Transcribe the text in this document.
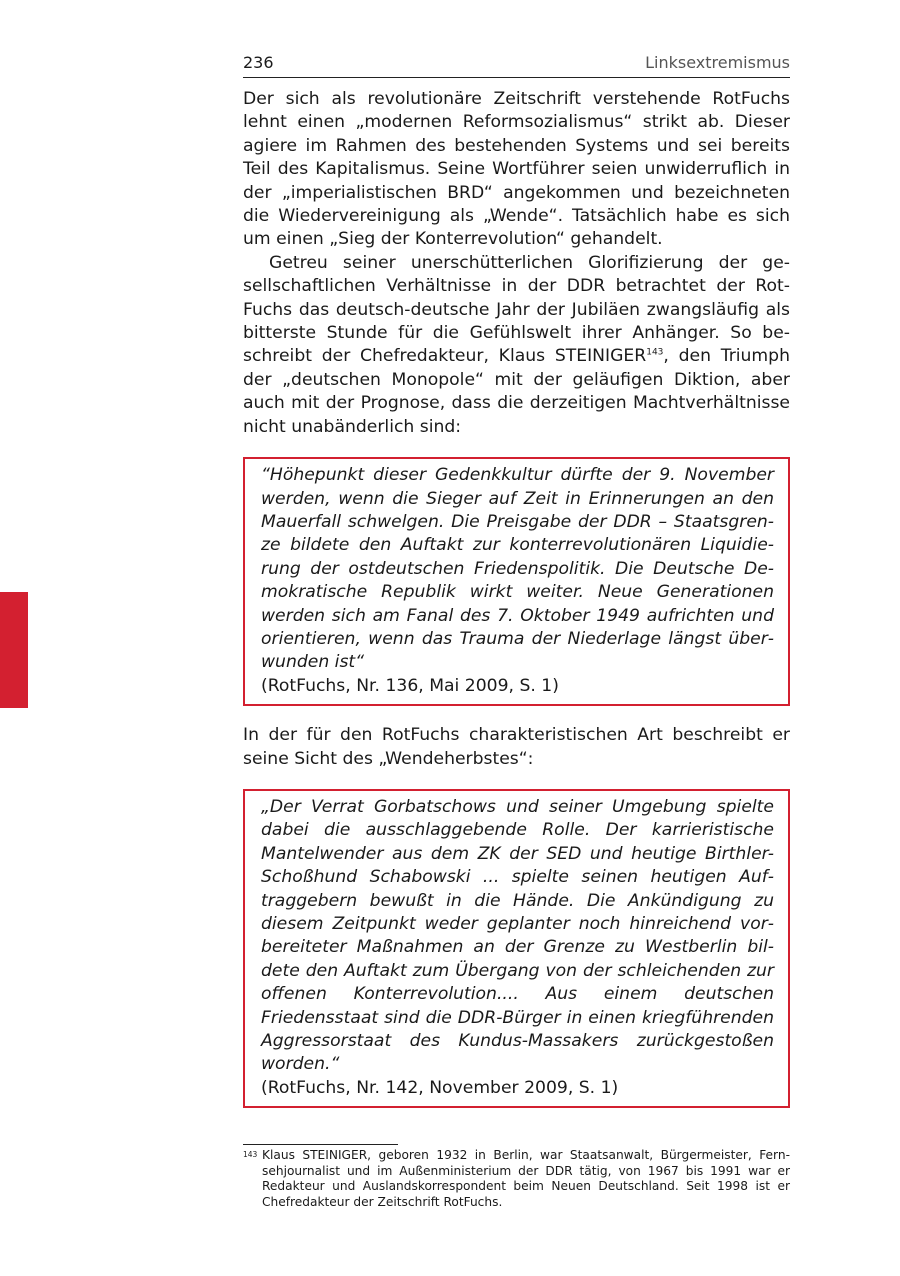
236	Linksextremismus

Der sich als revolutionäre Zeitschrift verstehende RotFuchs lehnt einen „modernen Reformsozialismus“ strikt ab. Dieser agiere im Rahmen des bestehenden Systems und sei bereits Teil des Kapitalismus. Seine Wortführer seien unwiderruflich in der „imperialistischen BRD“ angekommen und bezeichneten die Wiedervereinigung als „Wende“. Tatsächlich habe es sich um einen „Sieg der Konterrevolution“ gehandelt.

Getreu seiner unerschütterlichen Glorifizierung der gesellschaftlichen Verhältnisse in der DDR betrachtet der RotFuchs das deutsch-deutsche Jahr der Jubiläen zwangsläufig als bitterste Stunde für die Gefühlswelt ihrer Anhänger. So beschreibt der Chefredakteur, Klaus STEINIGER$^{143}$, den Triumph der „deutschen Monopole“ mit der geläufigen Diktion, aber auch mit der Prognose, dass die derzeitigen Machtverhältnisse nicht unabänderlich sind:

“Höhepunkt dieser Gedenkkultur dürfte der 9. November werden, wenn die Sieger auf Zeit in Erinnerungen an den Mauerfall schwelgen. Die Preisgabe der DDR – Staatsgrenze bildete den Auftakt zur konterrevolutionären Liquidierung der ostdeutschen Friedenspolitik. Die Deutsche Demokratische Republik wirkt weiter. Neue Generationen werden sich am Fanal des 7. Oktober 1949 aufrichten und orientieren, wenn das Trauma der Niederlage längst überwunden ist“

(RotFuchs, Nr. 136, Mai 2009, S. 1)

In der für den RotFuchs charakteristischen Art beschreibt er seine Sicht des „Wendeherbstes“:

„Der Verrat Gorbatschows und seiner Umgebung spielte dabei die ausschlaggebende Rolle. Der karrieristische Mantelwender aus dem ZK der SED und heutige Birthler-Schoßhund Schabowski ... spielte seinen heutigen Auftraggebern bewußt in die Hände. Die Ankündigung zu diesem Zeitpunkt weder geplanter noch hinreichend vorbereiteter Maßnahmen an der Grenze zu Westberlin bildete den Auftakt zum Übergang von der schleichenden zur offenen Konterrevolution.... Aus einem deutschen Friedensstaat sind die DDR-Bürger in einen kriegführenden Aggressorstaat des Kundus-Massakers zurückgestoßen worden.“

(RotFuchs, Nr. 142, November 2009, S. 1)

143 Klaus STEINIGER, geboren 1932 in Berlin, war Staatsanwalt, Bürgermeister, Fernsehjournalist und im Außenministerium der DDR tätig, von 1967 bis 1991 war er Redakteur und Auslandskorrespondent beim Neuen Deutschland. Seit 1998 ist er Chefredakteur der Zeitschrift RotFuchs.
